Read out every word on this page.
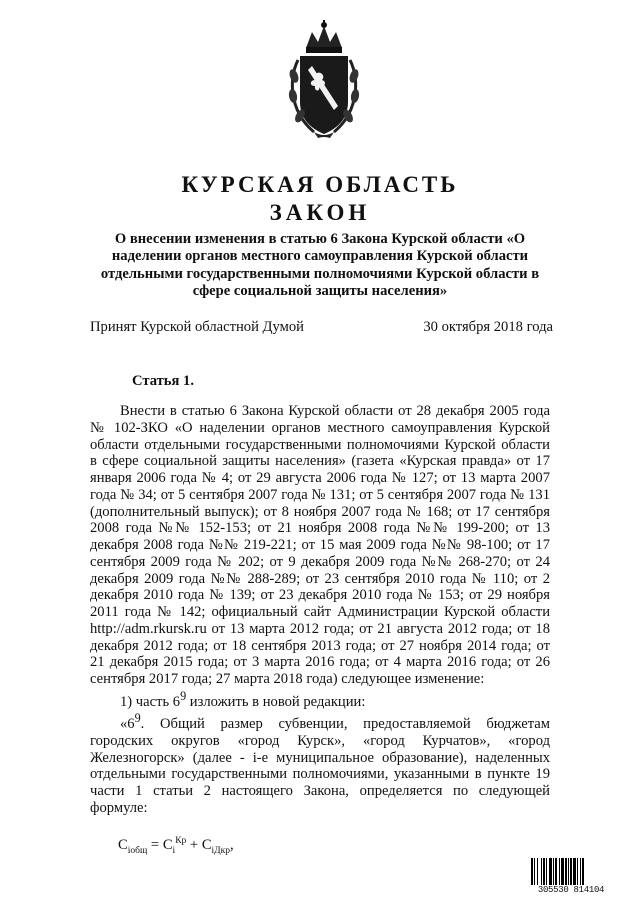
КУРСКАЯ ОБЛАСТЬ
ЗАКОН
О внесении изменения в статью 6 Закона Курской области «О наделении органов местного самоуправления Курской области отдельными государственными полномочиями Курской области в сфере социальной защиты населения»
Принят Курской областной Думой	30 октября 2018 года
Статья 1.

Внести в статью 6 Закона Курской области от 28 декабря 2005 года № 102-ЗКО «О наделении органов местного самоуправления Курской области отдельными государственными полномочиями Курской области в сфере социальной защиты населения» (газета «Курская правда» от 17 января 2006 года № 4; от 29 августа 2006 года № 127; от 13 марта 2007 года № 34; от 5 сентября 2007 года № 131; от 5 сентября 2007 года № 131 (дополнительный выпуск); от 8 ноября 2007 года № 168; от 17 сентября 2008 года №№ 152-153; от 21 ноября 2008 года №№ 199-200; от 13 декабря 2008 года №№ 219-221; от 15 мая 2009 года №№ 98-100; от 17 сентября 2009 года № 202; от 9 декабря 2009 года №№ 268-270; от 24 декабря 2009 года №№ 288-289; от 23 сентября 2010 года № 110; от 2 декабря 2010 года № 139; от 23 декабря 2010 года № 153; от 29 ноября 2011 года № 142; официальный сайт Администрации Курской области http://adm.rkursk.ru от 13 марта 2012 года; от 21 августа 2012 года; от 18 декабря 2012 года; от 18 сентября 2013 года; от 27 ноября 2014 года; от 21 декабря 2015 года; от 3 марта 2016 года; от 4 марта 2016 года; от 26 сентября 2017 года; 27 марта 2018 года) следующее изменение:

1) часть $6^9$ изложить в новой редакции:

«$6^9$. Общий размер субвенции, предоставляемой бюджетам городских округов «город Курск», «город Курчатов», «город Железногорск» (далее - i-е муниципальное образование), наделенных отдельными государственными полномочиями, указанными в пункте 19 части 1 статьи 2 настоящего Закона, определяется по следующей формуле:

$C_{iобщ} = C_i^{Кр} + C_{iДкр}$,
305530 814104
